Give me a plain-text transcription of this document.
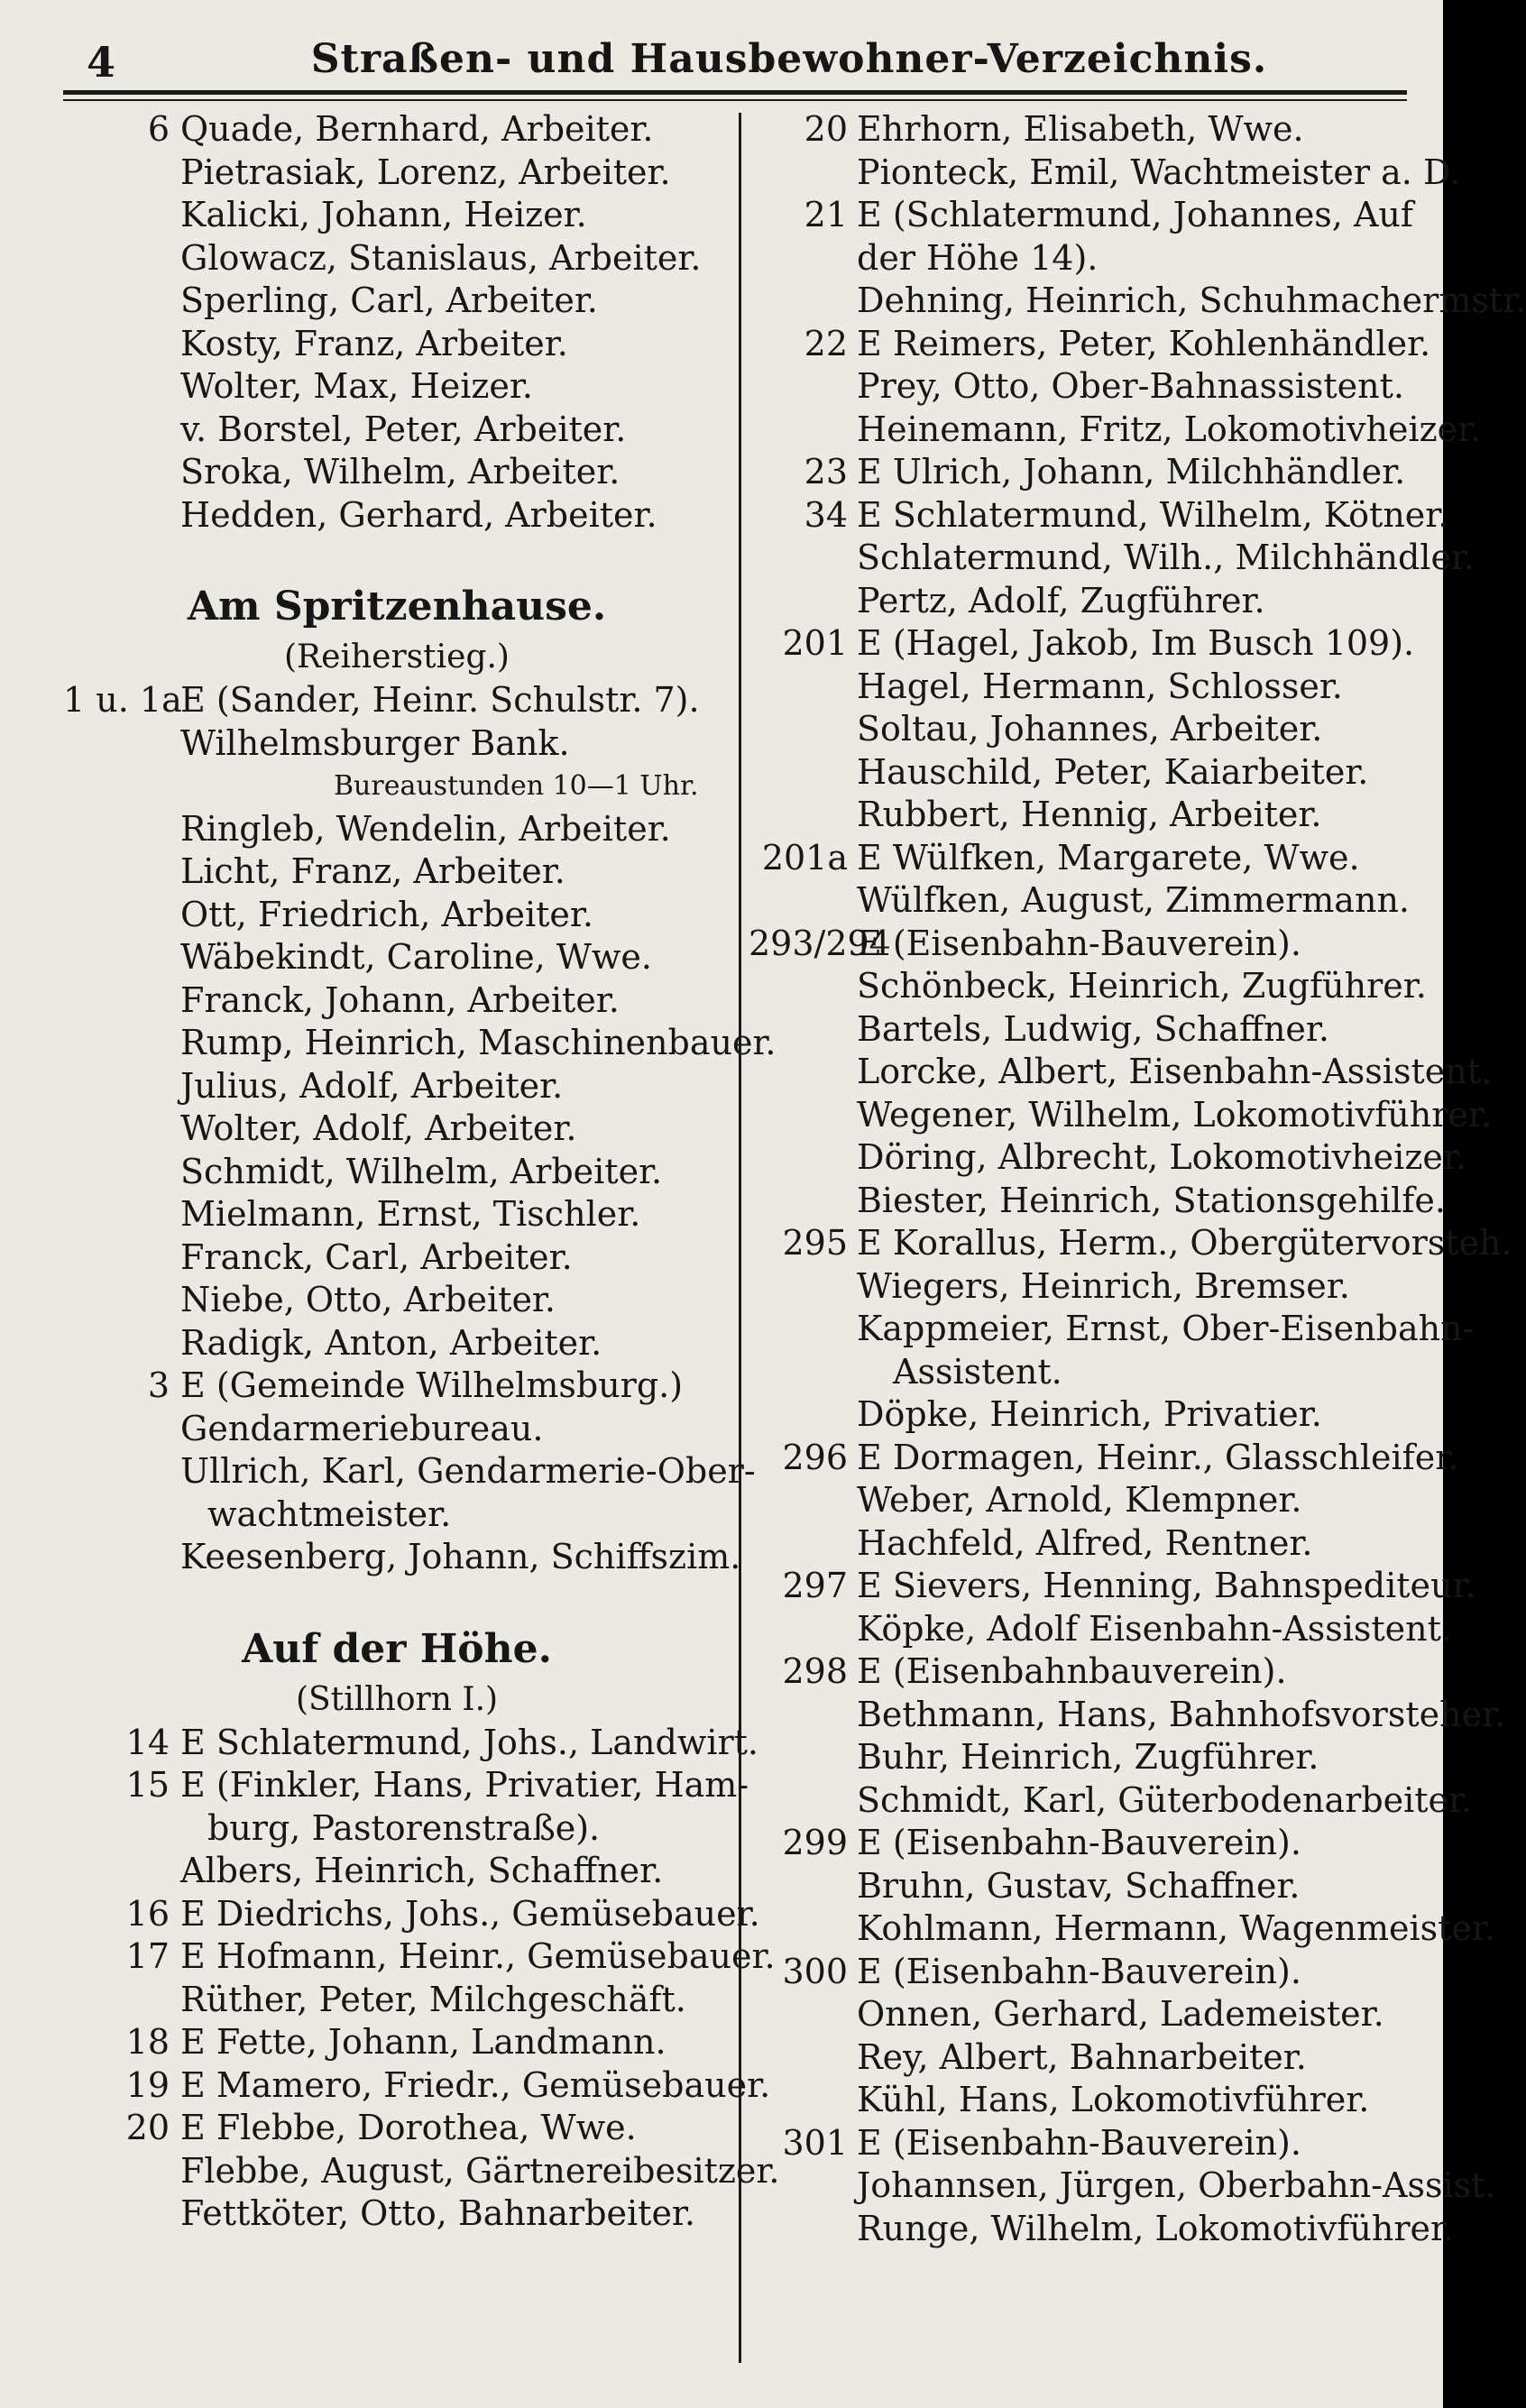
4	Straßen- und Hausbewohner-Verzeichnis.
6 Quade, Bernhard, Arbeiter.
Pietrasiak, Lorenz, Arbeiter.
Kalicki, Johann, Heizer.
Glowacz, Stanislaus, Arbeiter.
Sperling, Carl, Arbeiter.
Kosty, Franz, Arbeiter.
Wolter, Max, Heizer.
v. Borstel, Peter, Arbeiter.
Sroka, Wilhelm, Arbeiter.
Hedden, Gerhard, Arbeiter.
Am Spritzenhause.
(Reiherstieg.)
1 u. 1a
E (Sander, Heinr. Schulstr. 7).
Wilhelmsburger Bank.
Bureaustunden 10—1 Uhr.
Ringleb, Wendelin, Arbeiter.
Licht, Franz, Arbeiter.
Ott, Friedrich, Arbeiter.
Wäbekindt, Caroline, Wwe.
Franck, Johann, Arbeiter.
Rump, Heinrich, Maschinenbauer.
Julius, Adolf, Arbeiter.
Wolter, Adolf, Arbeiter.
Schmidt, Wilhelm, Arbeiter.
Mielmann, Ernst, Tischler.
Franck, Carl, Arbeiter.
Niebe, Otto, Arbeiter.
Radigk, Anton, Arbeiter.
3 E (Gemeinde Wilhelmsburg.)
Gendarmeriebureau.
Ullrich, Karl, Gendarmerie-Ober-
wachtmeister.
Keesenberg, Johann, Schiffszim.
Auf der Höhe.
(Stillhorn I.)
14 E Schlatermund, Johs., Landwirt.
15 E (Finkler, Hans, Privatier, Ham-
burg, Pastorenstraße).
Albers, Heinrich, Schaffner.
16 E Diedrichs, Johs., Gemüsebauer.
17 E Hofmann, Heinr., Gemüsebauer.
Rüther, Peter, Milchgeschäft.
18 E Fette, Johann, Landmann.
19 E Mamero, Friedr., Gemüsebauer.
20 E Flebbe, Dorothea, Wwe.
Flebbe, August, Gärtnereibesitzer.
Fettköter, Otto, Bahnarbeiter.
20 Ehrhorn, Elisabeth, Wwe.
Pionteck, Emil, Wachtmeister a. D.
21 E (Schlatermund, Johannes, Auf
der Höhe 14).
Dehning, Heinrich, Schuhmachermstr.
22 E Reimers, Peter, Kohlenhändler.
Prey, Otto, Ober-Bahnassistent.
Heinemann, Fritz, Lokomotivheizer.
23 E Ulrich, Johann, Milchhändler.
34 E Schlatermund, Wilhelm, Kötner.
Schlatermund, Wilh., Milchhändler.
Pertz, Adolf, Zugführer.
201 E (Hagel, Jakob, Im Busch 109).
Hagel, Hermann, Schlosser.
Soltau, Johannes, Arbeiter.
Hauschild, Peter, Kaiarbeiter.
Rubbert, Hennig, Arbeiter.
201a E Wülfken, Margarete, Wwe.
Wülfken, August, Zimmermann.
293/294
E (Eisenbahn-Bauverein).
Schönbeck, Heinrich, Zugführer.
Bartels, Ludwig, Schaffner.
Lorcke, Albert, Eisenbahn-Assistent.
Wegener, Wilhelm, Lokomotivführer.
Döring, Albrecht, Lokomotivheizer.
Biester, Heinrich, Stationsgehilfe.
295 E Korallus, Herm., Obergütervorsteh.
Wiegers, Heinrich, Bremser.
Kappmeier, Ernst, Ober-Eisenbahn-
Assistent.
Döpke, Heinrich, Privatier.
296 E Dormagen, Heinr., Glasschleifer.
Weber, Arnold, Klempner.
Hachfeld, Alfred, Rentner.
297 E Sievers, Henning, Bahnspediteur.
Köpke, Adolf Eisenbahn-Assistent.
298 E (Eisenbahnbauverein).
Bethmann, Hans, Bahnhofsvorsteher.
Buhr, Heinrich, Zugführer.
Schmidt, Karl, Güterbodenarbeiter.
299 E (Eisenbahn-Bauverein).
Bruhn, Gustav, Schaffner.
Kohlmann, Hermann, Wagenmeister.
300 E (Eisenbahn-Bauverein).
Onnen, Gerhard, Lademeister.
Rey, Albert, Bahnarbeiter.
Kühl, Hans, Lokomotivführer.
301 E (Eisenbahn-Bauverein).
Johannsen, Jürgen, Oberbahn-Assist.
Runge, Wilhelm, Lokomotivführer.
